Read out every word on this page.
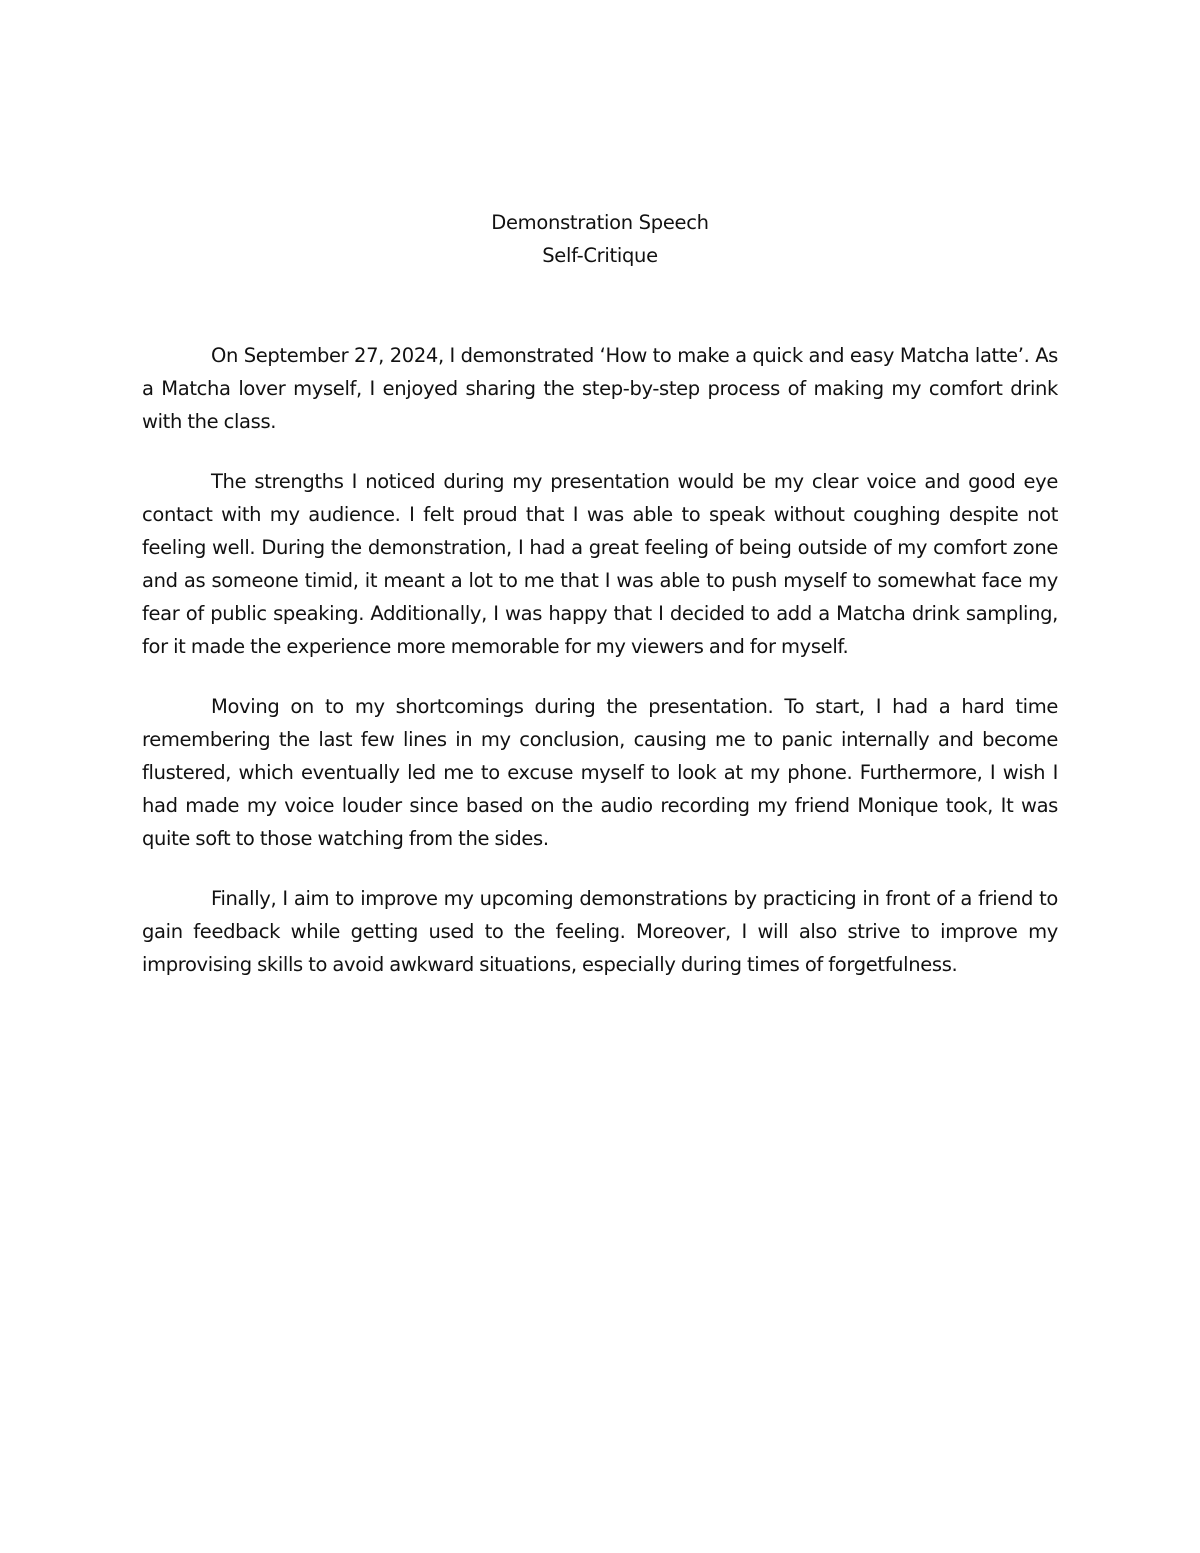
Demonstration Speech
Self-Critique

On September 27, 2024, I demonstrated ‘How to make a quick and easy Matcha latte’. As a Matcha lover myself, I enjoyed sharing the step-by-step process of making my comfort drink with the class.

The strengths I noticed during my presentation would be my clear voice and good eye contact with my audience. I felt proud that I was able to speak without coughing despite not feeling well. During the demonstration, I had a great feeling of being outside of my comfort zone and as someone timid, it meant a lot to me that I was able to push myself to somewhat face my fear of public speaking. Additionally, I was happy that I decided to add a Matcha drink sampling, for it made the experience more memorable for my viewers and for myself.

Moving on to my shortcomings during the presentation. To start, I had a hard time remembering the last few lines in my conclusion, causing me to panic internally and become flustered, which eventually led me to excuse myself to look at my phone. Furthermore, I wish I had made my voice louder since based on the audio recording my friend Monique took, It was quite soft to those watching from the sides.

Finally, I aim to improve my upcoming demonstrations by practicing in front of a friend to gain feedback while getting used to the feeling. Moreover, I will also strive to improve my improvising skills to avoid awkward situations, especially during times of forgetfulness.
